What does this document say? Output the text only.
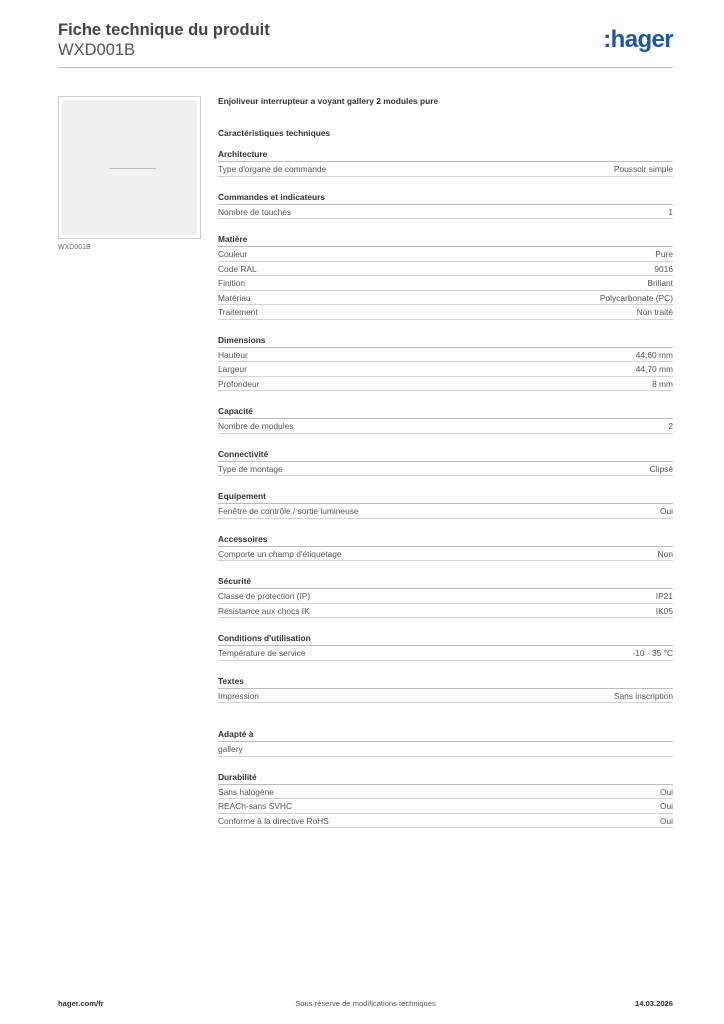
Fiche technique du produit
WXD001B	:hager
WXD001B
Enjoliveur interrupteur a voyant gallery 2 modules pure
Caractéristiques techniques
Architecture
Type d'organe de commande	Poussoir simple
Commandes et indicateurs
Nombre de touches	1
Matière
Couleur	Pure
Code RAL	9016
Finition	Brillant
Matériau	Polycarbonate (PC)
Traitement	Non traité
Dimensions
Hauteur	44,60 mm
Largeur	44,70 mm
Profondeur	8 mm
Capacité
Nombre de modules	2
Connectivité
Type de montage	Clipsé
Equipement
Fenêtre de contrôle / sortie lumineuse	Oui
Accessoires
Comporte un champ d'étiquetage	Non
Sécurité
Classe de protection (IP)	IP21
Résistance aux chocs IK	IK05
Conditions d'utilisation
Température de service	-10 - 35 °C
Textes
Impression	Sans inscription
Adapté à
gallery
Durabilité
Sans halogène	Oui
REACh-sans SVHC	Oui
Conforme à la directive RoHS	Oui
hager.com/fr	Sous réserve de modifications techniques	14.03.2026
